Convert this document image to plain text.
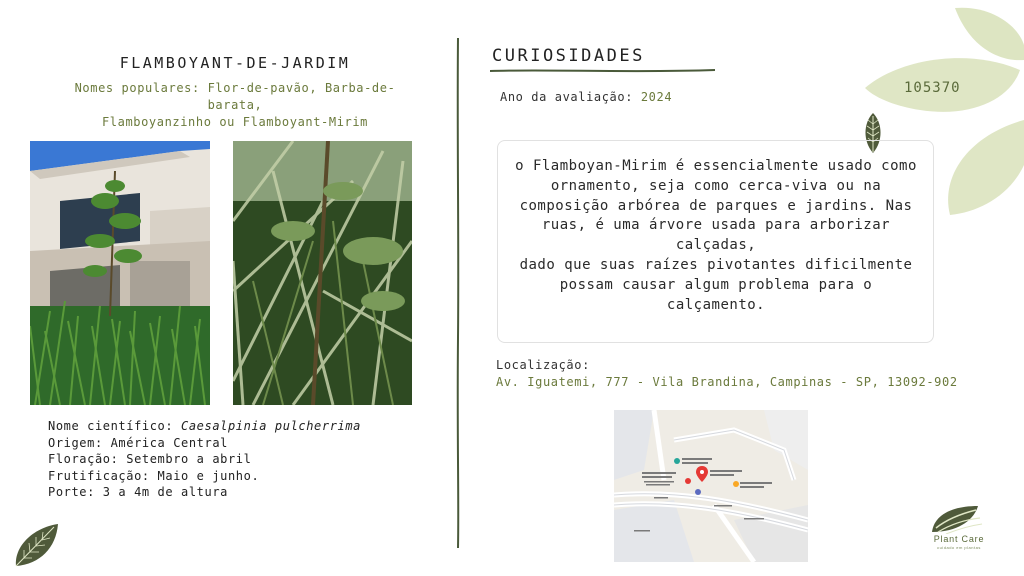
105370
FLAMBOYANT-DE-JARDIM
Nomes populares: Flor-de-pavão, Barba-de-barata,
Flamboyanzinho ou Flamboyant-Mirim
Nome científico: Caesalpinia pulcherrima
Origem: América Central
Floração: Setembro a abril
Frutificação: Maio e junho.
Porte: 3 a 4m de altura
CURIOSIDADES
Ano da avaliação: 2024
o Flamboyan-Mirim é essencialmente usado como
ornamento, seja como cerca-viva ou na
composição arbórea de parques e jardins. Nas
ruas, é uma árvore usada para arborizar calçadas,
dado que suas raízes pivotantes dificilmente
possam causar algum problema para o
calçamento.
Localização:
Av. Iguatemi, 777 - Vila Brandina, Campinas - SP, 13092-902
Plant Care
cuidado em plantas
